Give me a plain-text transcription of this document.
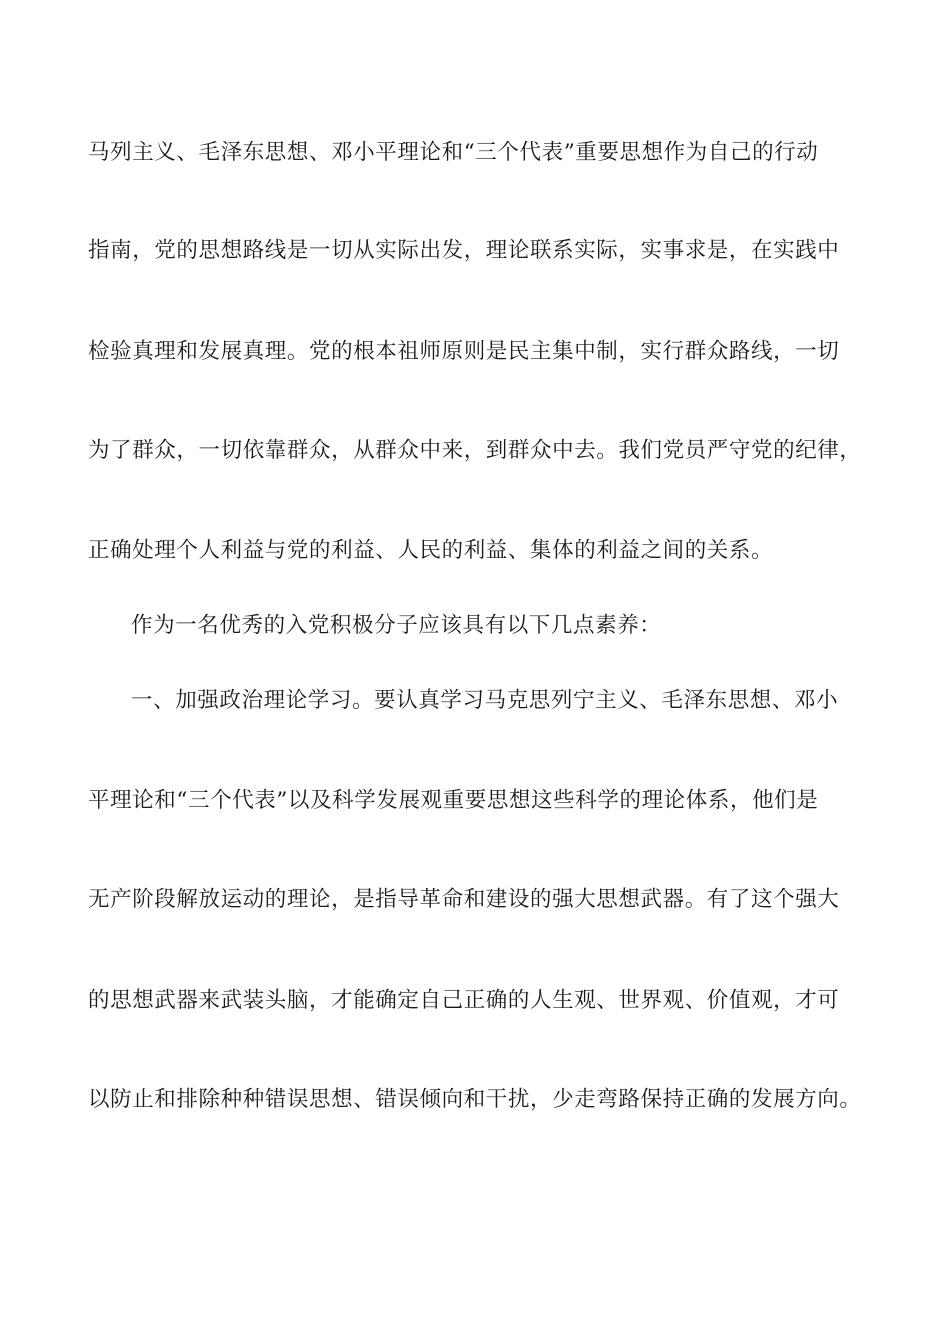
马列主义、毛泽东思想、邓小平理论和“三个代表”重要思想作为自己的行动
指南，党的思想路线是一切从实际出发，理论联系实际，实事求是，在实践中
检验真理和发展真理。党的根本祖师原则是民主集中制，实行群众路线，一切
为了群众，一切依靠群众，从群众中来，到群众中去。我们党员严守党的纪律，
正确处理个人利益与党的利益、人民的利益、集体的利益之间的关系。
作为一名优秀的入党积极分子应该具有以下几点素养：
一、加强政治理论学习。要认真学习马克思列宁主义、毛泽东思想、邓小
平理论和“三个代表”以及科学发展观重要思想这些科学的理论体系，他们是
无产阶段解放运动的理论，是指导革命和建设的强大思想武器。有了这个强大
的思想武器来武装头脑，才能确定自己正确的人生观、世界观、价值观，才可
以防止和排除种种错误思想、错误倾向和干扰，少走弯路保持正确的发展方向。
